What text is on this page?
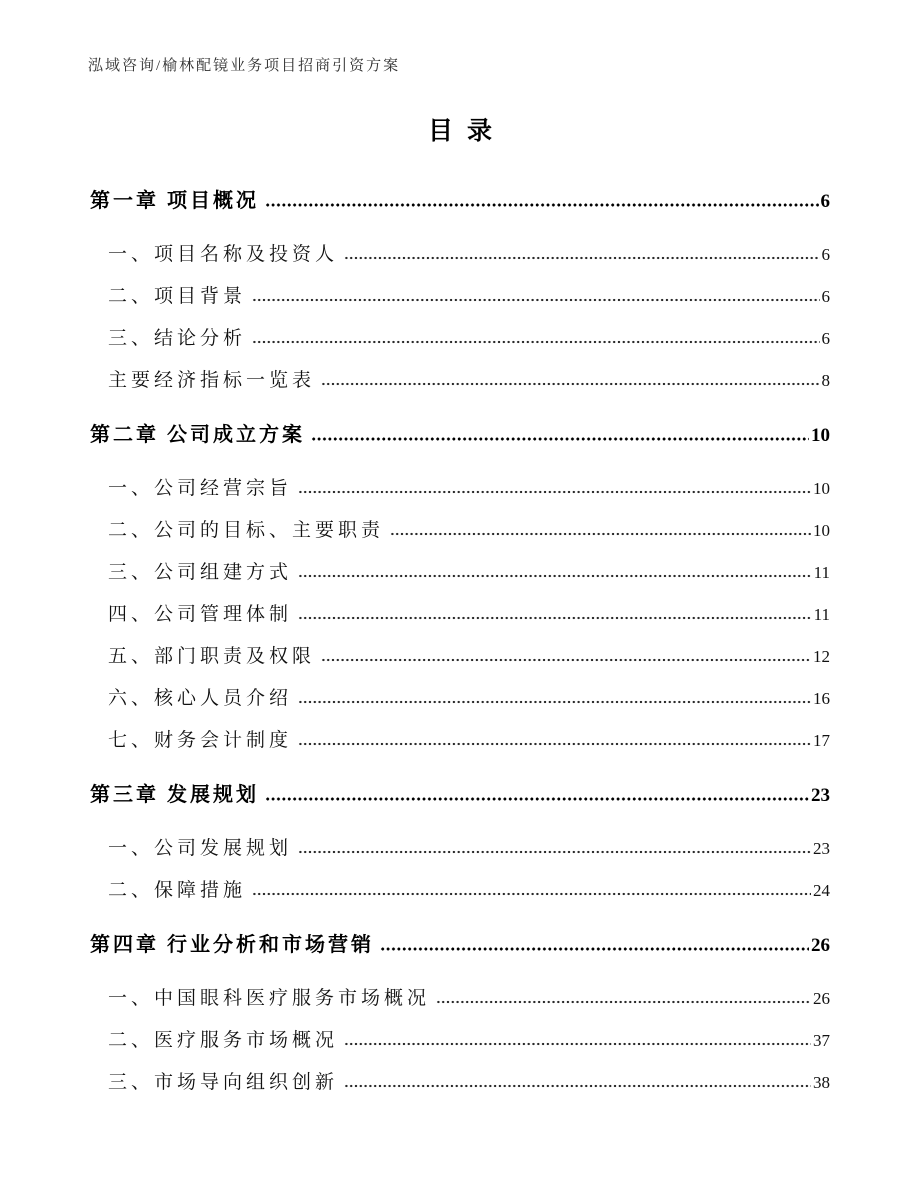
泓域咨询/榆林配镜业务项目招商引资方案
目录
第一章 项目概况	6
一、项目名称及投资人	6
二、项目背景	6
三、结论分析	6
主要经济指标一览表	8
第二章 公司成立方案	10
一、公司经营宗旨	10
二、公司的目标、主要职责	10
三、公司组建方式	11
四、公司管理体制	11
五、部门职责及权限	12
六、核心人员介绍	16
七、财务会计制度	17
第三章 发展规划	23
一、公司发展规划	23
二、保障措施	24
第四章 行业分析和市场营销	26
一、中国眼科医疗服务市场概况	26
二、医疗服务市场概况	37
三、市场导向组织创新	38
